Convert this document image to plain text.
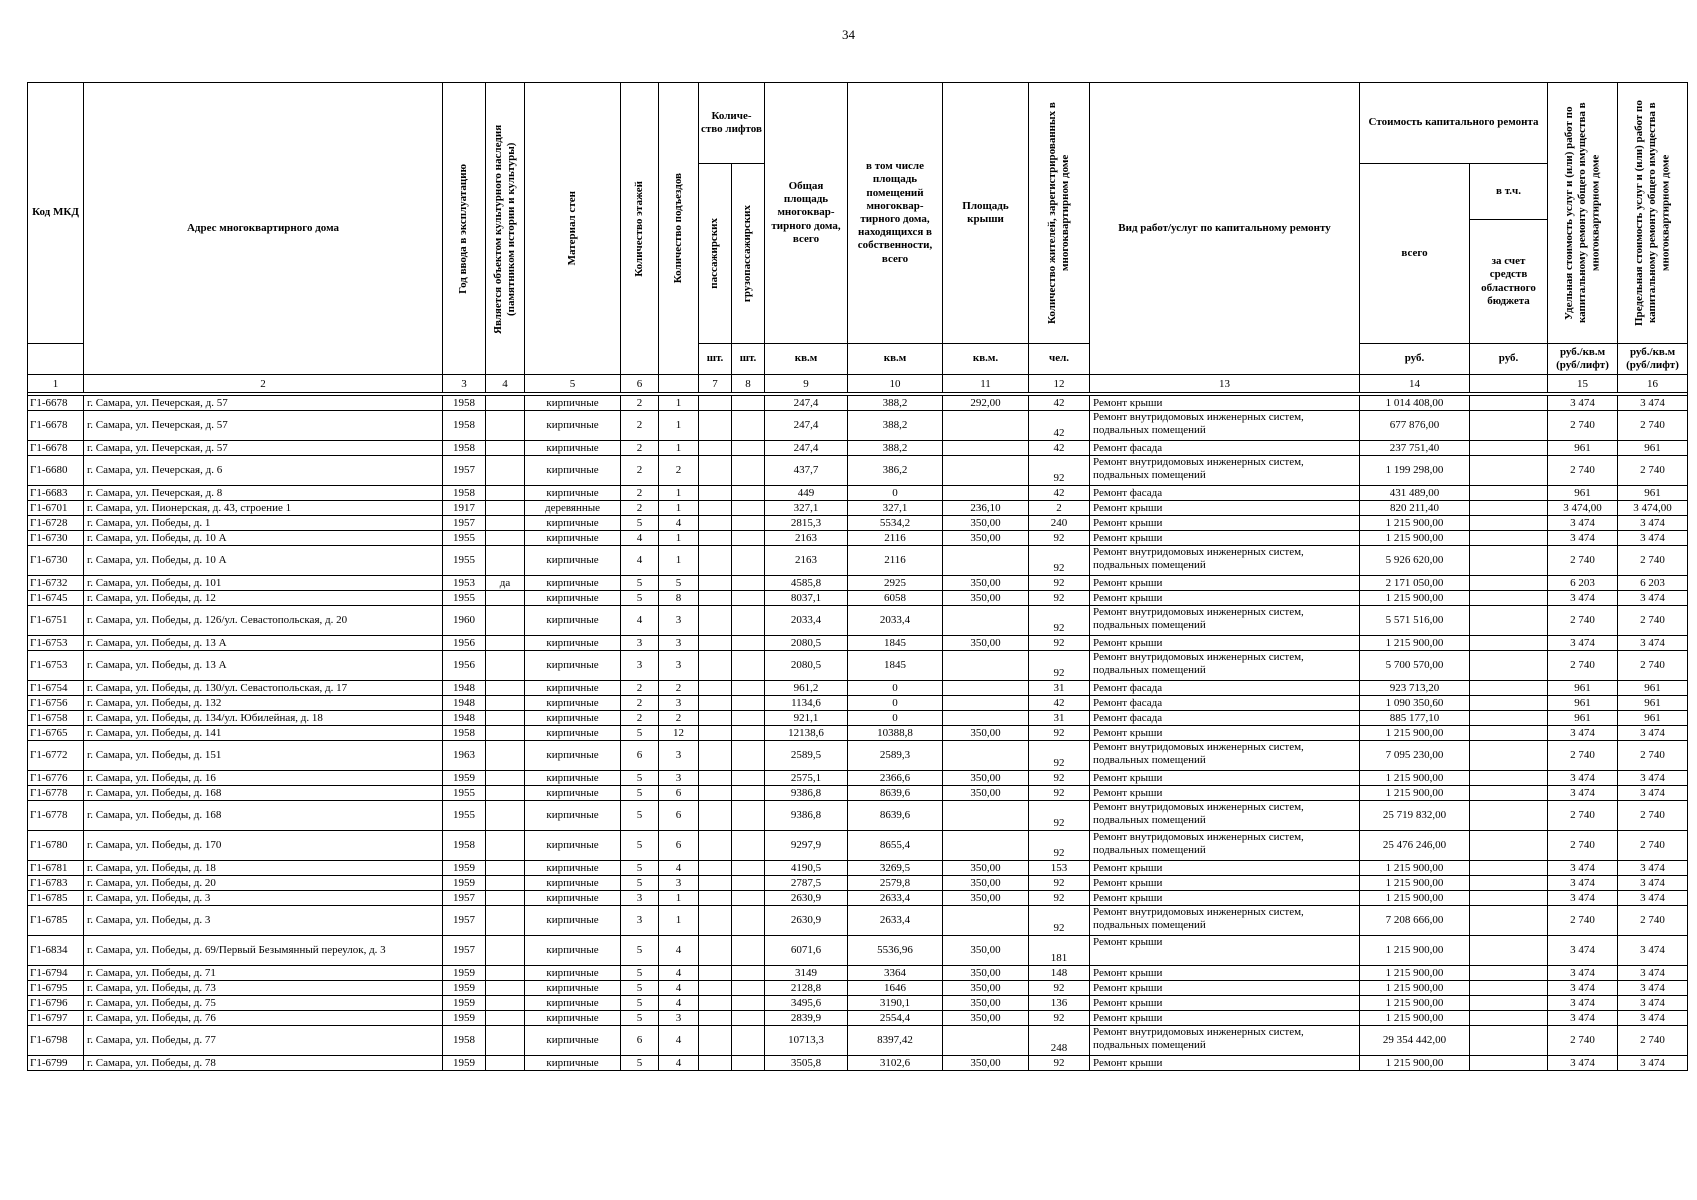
34
Код МКД	Адрес многоквартирного дома	Год ввода в эксплуатацию	Является объектом культурного наследия (памятником истории и культуры)	Материал стен	Количество этажей	Количество подъездов	Количе-ство лифтов		Общая площадь многоквар-тирного дома, всего	в том числе площадь помещений многоквар-тирного дома, находящихся в собственности, всего	Площадь крыши	Количество жителей, зарегистрированных в многоквартирном доме	Вид работ/услуг по капитальному ремонту	Стоимость капитального ремонта		Удельная стоимость услуг и (или) работ по капитальному ремонту общего имущества в многоквартирном доме	Предельная стоимость услуг и (или) работ по капитальному ремонту общего имущества в многоквартирном доме

							пассажирских	грузопассажирских						всего	в т.ч.		
															за счет средств областного бюджета		
							шт.	шт.	кв.м	кв.м	кв.м.	чел.		руб.	руб.	руб./кв.м (руб/лифт)	руб./кв.м (руб/лифт)
1	2	3	4	5	6		7	8	9	10	11	12	13	14		15	16

Г1-6678	г. Самара, ул. Печерская, д. 57	1958		кирпичные	2	1			247,4	388,2	292,00	42	Ремонт крыши	1 014 408,00		3 474	3 474
Г1-6678	г. Самара, ул. Печерская, д. 57	1958		кирпичные	2	1			247,4	388,2		42	Ремонт внутридомовых инженерных систем, подвальных помещений	677 876,00		2 740	2 740
Г1-6678	г. Самара, ул. Печерская, д. 57	1958		кирпичные	2	1			247,4	388,2		42	Ремонт фасада	237 751,40		961	961
Г1-6680	г. Самара, ул. Печерская, д. 6	1957		кирпичные	2	2			437,7	386,2		92	Ремонт внутридомовых инженерных систем, подвальных помещений	1 199 298,00		2 740	2 740
Г1-6683	г. Самара, ул. Печерская, д. 8	1958		кирпичные	2	1			449	0		42	Ремонт фасада	431 489,00		961	961
Г1-6701	г. Самара, ул. Пионерская, д. 43, строение 1	1917		деревянные	2	1			327,1	327,1	236,10	2	Ремонт крыши	820 211,40		3 474,00	3 474,00
Г1-6728	г. Самара, ул. Победы, д. 1	1957		кирпичные	5	4			2815,3	5534,2	350,00	240	Ремонт крыши	1 215 900,00		3 474	3 474
Г1-6730	г. Самара, ул. Победы, д. 10 А	1955		кирпичные	4	1			2163	2116	350,00	92	Ремонт крыши	1 215 900,00		3 474	3 474
Г1-6730	г. Самара, ул. Победы, д. 10 А	1955		кирпичные	4	1			2163	2116		92	Ремонт внутридомовых инженерных систем, подвальных помещений	5 926 620,00		2 740	2 740
Г1-6732	г. Самара, ул. Победы, д. 101	1953	да	кирпичные	5	5			4585,8	2925	350,00	92	Ремонт крыши	2 171 050,00		6 203	6 203
Г1-6745	г. Самара, ул. Победы, д. 12	1955		кирпичные	5	8			8037,1	6058	350,00	92	Ремонт крыши	1 215 900,00		3 474	3 474
Г1-6751	г. Самара, ул. Победы, д. 126/ул. Севастопольская, д. 20	1960		кирпичные	4	3			2033,4	2033,4		92	Ремонт внутридомовых инженерных систем, подвальных помещений	5 571 516,00		2 740	2 740
Г1-6753	г. Самара, ул. Победы, д. 13 А	1956		кирпичные	3	3			2080,5	1845	350,00	92	Ремонт крыши	1 215 900,00		3 474	3 474
Г1-6753	г. Самара, ул. Победы, д. 13 А	1956		кирпичные	3	3			2080,5	1845		92	Ремонт внутридомовых инженерных систем, подвальных помещений	5 700 570,00		2 740	2 740
Г1-6754	г. Самара, ул. Победы, д. 130/ул. Севастопольская, д. 17	1948		кирпичные	2	2			961,2	0		31	Ремонт фасада	923 713,20		961	961
Г1-6756	г. Самара, ул. Победы, д. 132	1948		кирпичные	2	3			1134,6	0		42	Ремонт фасада	1 090 350,60		961	961
Г1-6758	г. Самара, ул. Победы, д. 134/ул. Юбилейная, д. 18	1948		кирпичные	2	2			921,1	0		31	Ремонт фасада	885 177,10		961	961
Г1-6765	г. Самара, ул. Победы, д. 141	1958		кирпичные	5	12			12138,6	10388,8	350,00	92	Ремонт крыши	1 215 900,00		3 474	3 474
Г1-6772	г. Самара, ул. Победы, д. 151	1963		кирпичные	6	3			2589,5	2589,3		92	Ремонт внутридомовых инженерных систем, подвальных помещений	7 095 230,00		2 740	2 740
Г1-6776	г. Самара, ул. Победы, д. 16	1959		кирпичные	5	3			2575,1	2366,6	350,00	92	Ремонт крыши	1 215 900,00		3 474	3 474
Г1-6778	г. Самара, ул. Победы, д. 168	1955		кирпичные	5	6			9386,8	8639,6	350,00	92	Ремонт крыши	1 215 900,00		3 474	3 474
Г1-6778	г. Самара, ул. Победы, д. 168	1955		кирпичные	5	6			9386,8	8639,6		92	Ремонт внутридомовых инженерных систем, подвальных помещений	25 719 832,00		2 740	2 740
Г1-6780	г. Самара, ул. Победы, д. 170	1958		кирпичные	5	6			9297,9	8655,4		92	Ремонт внутридомовых инженерных систем, подвальных помещений	25 476 246,00		2 740	2 740
Г1-6781	г. Самара, ул. Победы, д. 18	1959		кирпичные	5	4			4190,5	3269,5	350,00	153	Ремонт крыши	1 215 900,00		3 474	3 474
Г1-6783	г. Самара, ул. Победы, д. 20	1959		кирпичные	5	3			2787,5	2579,8	350,00	92	Ремонт крыши	1 215 900,00		3 474	3 474
Г1-6785	г. Самара, ул. Победы, д. 3	1957		кирпичные	3	1			2630,9	2633,4	350,00	92	Ремонт крыши	1 215 900,00		3 474	3 474
Г1-6785	г. Самара, ул. Победы, д. 3	1957		кирпичные	3	1			2630,9	2633,4		92	Ремонт внутридомовых инженерных систем, подвальных помещений	7 208 666,00		2 740	2 740
Г1-6834	г. Самара, ул. Победы, д. 69/Первый Безымянный переулок, д. 3	1957		кирпичные	5	4			6071,6	5536,96	350,00	181	Ремонт крыши	1 215 900,00		3 474	3 474
Г1-6794	г. Самара, ул. Победы, д. 71	1959		кирпичные	5	4			3149	3364	350,00	148	Ремонт крыши	1 215 900,00		3 474	3 474
Г1-6795	г. Самара, ул. Победы, д. 73	1959		кирпичные	5	4			2128,8	1646	350,00	92	Ремонт крыши	1 215 900,00		3 474	3 474
Г1-6796	г. Самара, ул. Победы, д. 75	1959		кирпичные	5	4			3495,6	3190,1	350,00	136	Ремонт крыши	1 215 900,00		3 474	3 474
Г1-6797	г. Самара, ул. Победы, д. 76	1959		кирпичные	5	3			2839,9	2554,4	350,00	92	Ремонт крыши	1 215 900,00		3 474	3 474
Г1-6798	г. Самара, ул. Победы, д. 77	1958		кирпичные	6	4			10713,3	8397,42		248	Ремонт внутридомовых инженерных систем, подвальных помещений	29 354 442,00		2 740	2 740
Г1-6799	г. Самара, ул. Победы, д. 78	1959		кирпичные	5	4			3505,8	3102,6	350,00	92	Ремонт крыши	1 215 900,00		3 474	3 474
